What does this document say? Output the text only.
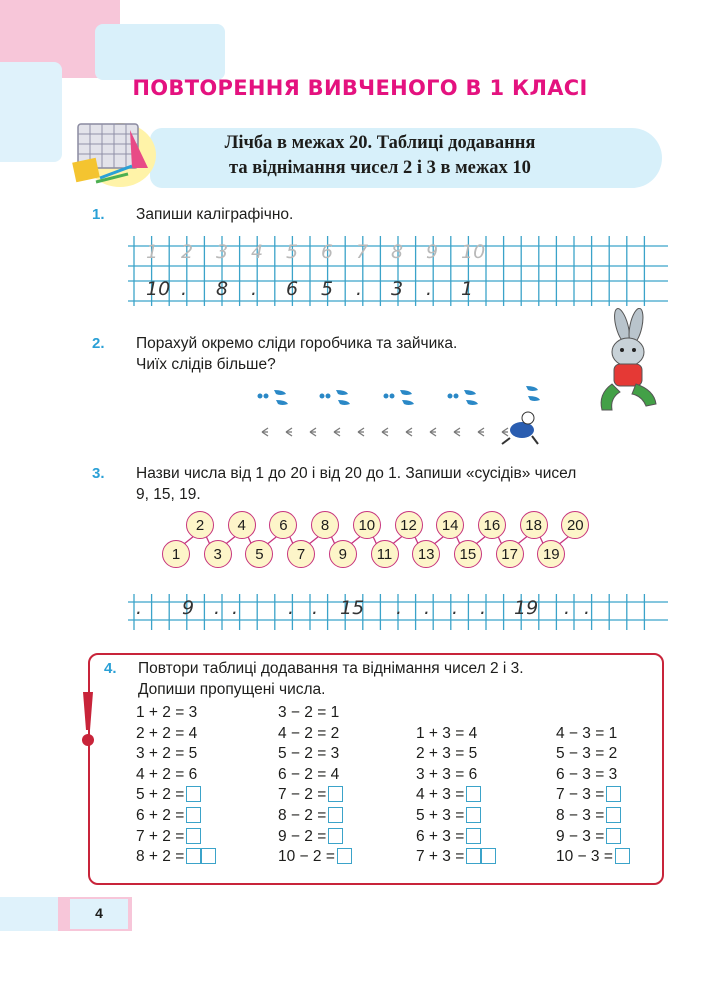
ПОВТОРЕННЯ ВИВЧЕНОГО В 1 КЛАСІ
Лічба в межах 20. Таблиці додавання
та віднімання чисел 2 і 3 в межах 10
1. Запиши каліграфічно.
1 2 3 4 5 6 7 8 9 10
10 . 8 . 6 5 . 3 . 1
2. Порахуй окремо сліди горобчика та зайчика.
Чиїх слідів більше?
3. Назви числа від 1 до 20 і від 20 до 1. Запиши «сусідів» чисел
9, 15, 19.
2	4	6	8	10	12	14	16	18	20
1	3	5	7	9	11	13	15	17	19
. 9 . .	. . 15 . . . . 19 . .
4. Повтори таблиці додавання та віднімання чисел 2 і 3.
Допиши пропущені числа.
1 + 2 = 3
2 + 2 = 4
3 + 2 = 5
4 + 2 = 6
5 + 2 =
6 + 2 =
7 + 2 =
8 + 2 =
3 − 2 = 1
4 − 2 = 2
5 − 2 = 3
6 − 2 = 4
7 − 2 =
8 − 2 =
9 − 2 =
10 − 2 =
1 + 3 = 4
2 + 3 = 5
3 + 3 = 6
4 + 3 =
5 + 3 =
6 + 3 =
7 + 3 =
4 − 3 = 1
5 − 3 = 2
6 − 3 = 3
7 − 3 =
8 − 3 =
9 − 3 =
10 − 3 =
4
